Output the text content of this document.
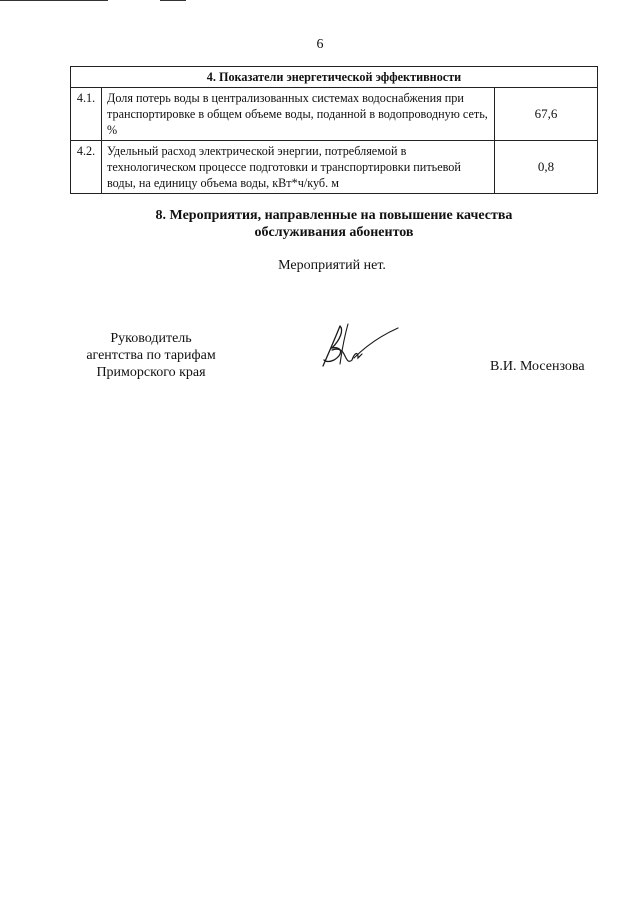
6
4. Показатели энергетической эффективности		
4.1.	Доля потерь воды в централизованных системах водоснабжения при транспортировке в общем объеме воды, поданной в водопроводную сеть, %	67,6
4.2.	Удельный расход электрической энергии, потребляемой в технологическом процессе подготовки и транспортировки питьевой воды, на единицу объема воды, кВт*ч/куб. м	0,8
8. Мероприятия, направленные на повышение качества
обслуживания абонентов
Мероприятий нет.
Руководитель
агентства по тарифам
Приморского края	В.И. Мосензова
